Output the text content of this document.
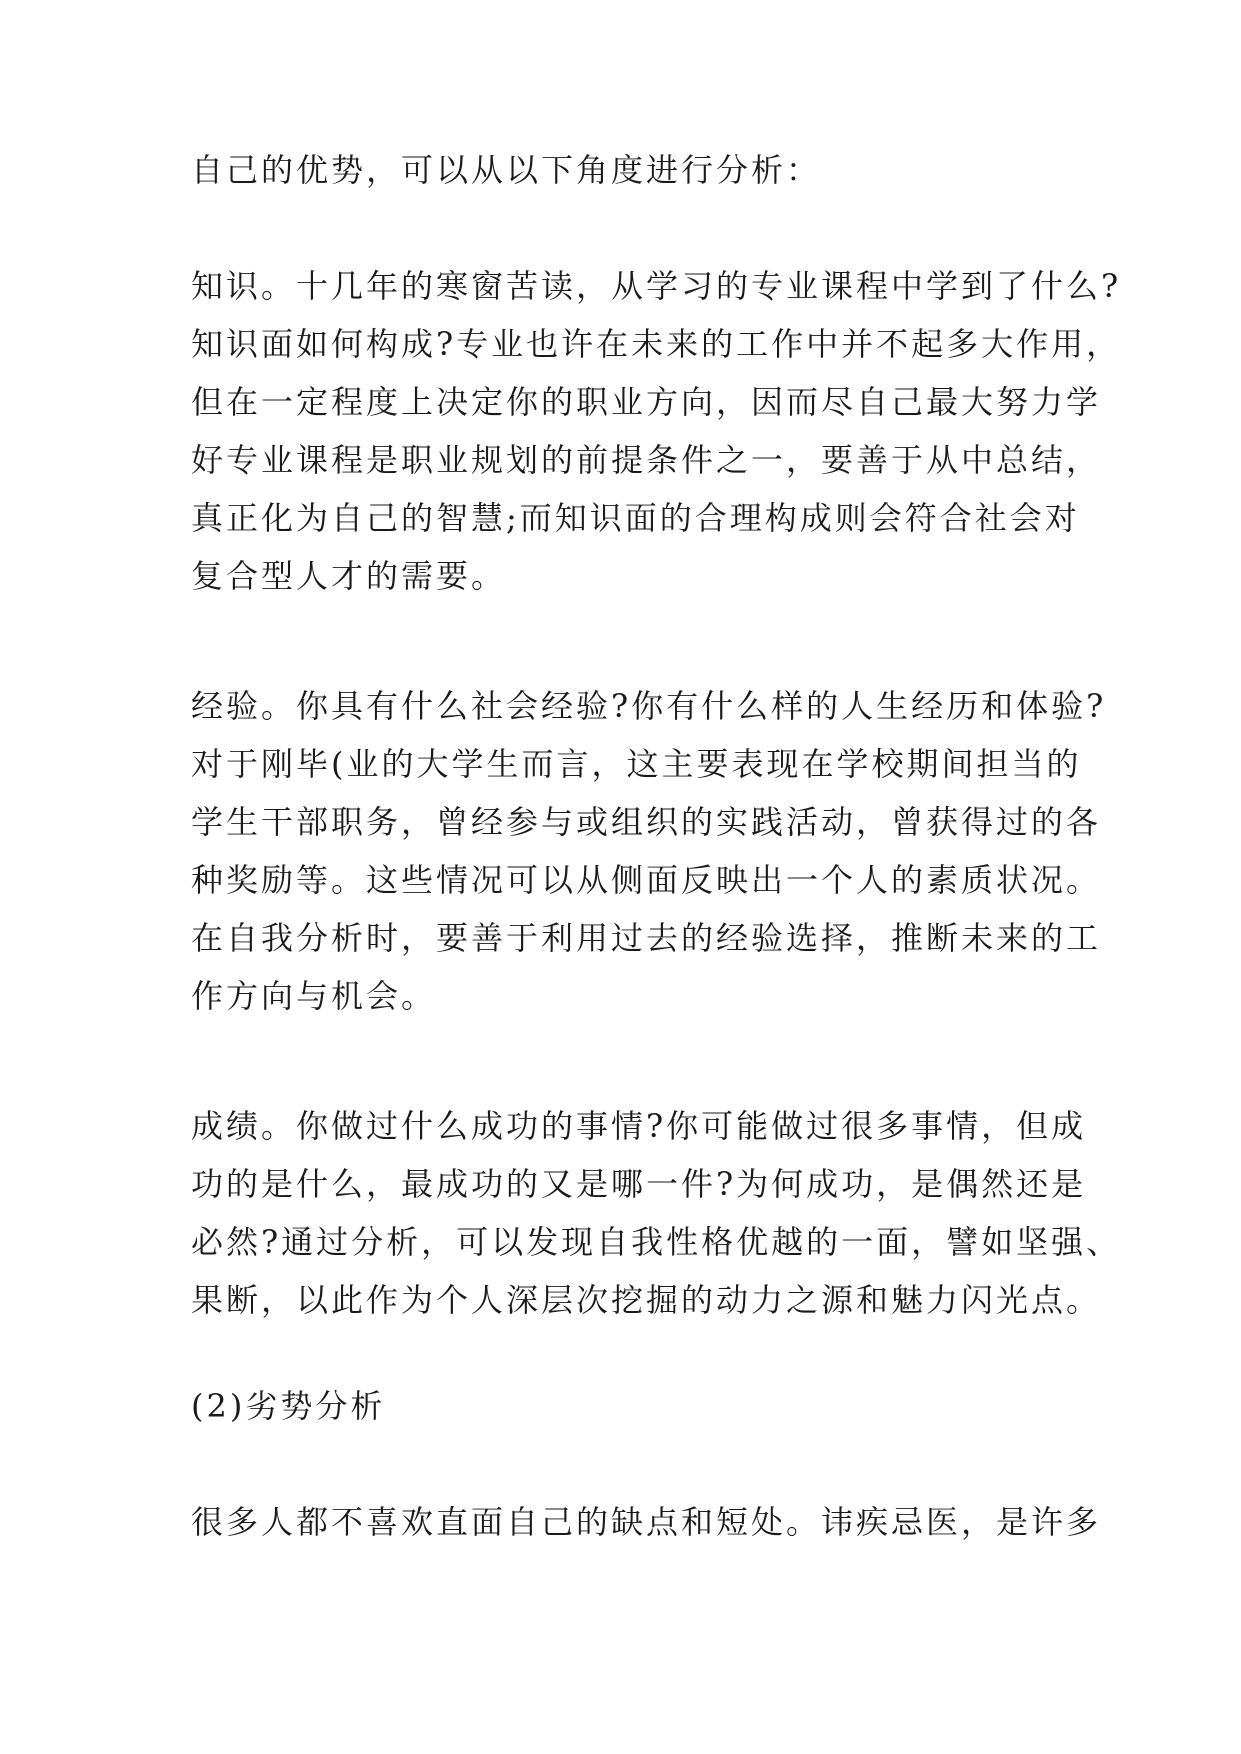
自己的优势，可以从以下角度进行分析：
知识。十几年的寒窗苦读，从学习的专业课程中学到了什么?
知识面如何构成?专业也许在未来的工作中并不起多大作用，
但在一定程度上决定你的职业方向，因而尽自己最大努力学
好专业课程是职业规划的前提条件之一，要善于从中总结，
真正化为自己的智慧;而知识面的合理构成则会符合社会对
复合型人才的需要。
经验。你具有什么社会经验?你有什么样的人生经历和体验?
对于刚毕(业的大学生而言，这主要表现在学校期间担当的
学生干部职务，曾经参与或组织的实践活动，曾获得过的各
种奖励等。这些情况可以从侧面反映出一个人的素质状况。
在自我分析时，要善于利用过去的经验选择，推断未来的工
作方向与机会。
成绩。你做过什么成功的事情?你可能做过很多事情，但成
功的是什么，最成功的又是哪一件?为何成功，是偶然还是
必然?通过分析，可以发现自我性格优越的一面，譬如坚强、
果断，以此作为个人深层次挖掘的动力之源和魅力闪光点。
(2)劣势分析
很多人都不喜欢直面自己的缺点和短处。讳疾忌医，是许多
